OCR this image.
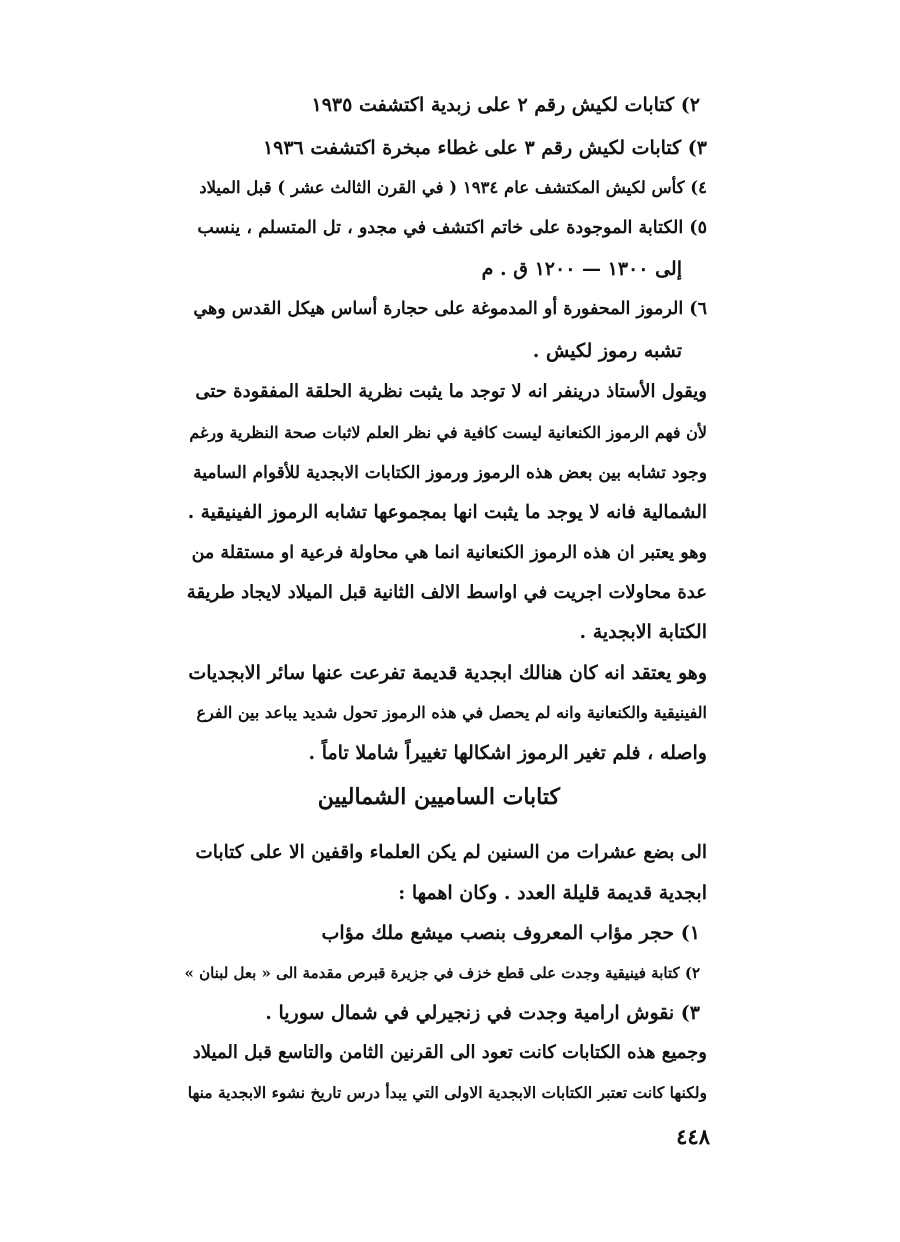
٢) كتابات لكيش رقم ٢ على زبدية اكتشفت ١٩٣٥
٣) كتابات لكيش رقم ٣ على غطاء مبخرة اكتشفت ١٩٣٦
٤) كأس لكيش المكتشف عام ١٩٣٤ ( في القرن الثالث عشر ) قبل الميلاد
٥) الكتابة الموجودة على خاتم اكتشف في مجدو ، تل المتسلم ، ينسب
إلى ١٣٠٠ — ١٢٠٠ ق . م
٦) الرموز المحفورة أو المدموغة على حجارة أساس هيكل القدس وهي
تشبه رموز لكيش .
ويقول الأستاذ درينفر انه لا توجد ما يثبت نظرية الحلقة المفقودة حتى
لأن فهم الرموز الكنعانية ليست كافية في نظر العلم لاثبات صحة النظرية ورغم
وجود تشابه بين بعض هذه الرموز ورموز الكتابات الابجدية للأقوام السامية
الشمالية فانه لا يوجد ما يثبت انها بمجموعها تشابه الرموز الفينيقية .
وهو يعتبر ان هذه الرموز الكنعانية انما هي محاولة فرعية او مستقلة من
عدة محاولات اجريت في اواسط الالف الثانية قبل الميلاد لايجاد طريقة
الكتابة الابجدية .
وهو يعتقد انه كان هنالك ابجدية قديمة تفرعت عنها سائر الابجديات
الفينيقية والكنعانية وانه لم يحصل في هذه الرموز تحول شديد يباعد بين الفرع
واصله ، فلم تغير الرموز اشكالها تغييراً شاملا تاماً .
كتابات الساميين الشماليين
الى بضع عشرات من السنين لم يكن العلماء واقفين الا على كتابات
ابجدية قديمة قليلة العدد . وكان اهمها :
١) حجر مؤاب المعروف بنصب ميشع ملك مؤاب
٢) كتابة فينيقية وجدت على قطع خزف في جزيرة قبرص مقدمة الى « بعل لبنان »
٣) نقوش ارامية وجدت في زنجيرلي في شمال سوريا .
وجميع هذه الكتابات كانت تعود الى القرنين الثامن والتاسع قبل الميلاد
ولكنها كانت تعتبر الكتابات الابجدية الاولى التي يبدأ درس تاريخ نشوء الابجدية منها
٤٤٨
